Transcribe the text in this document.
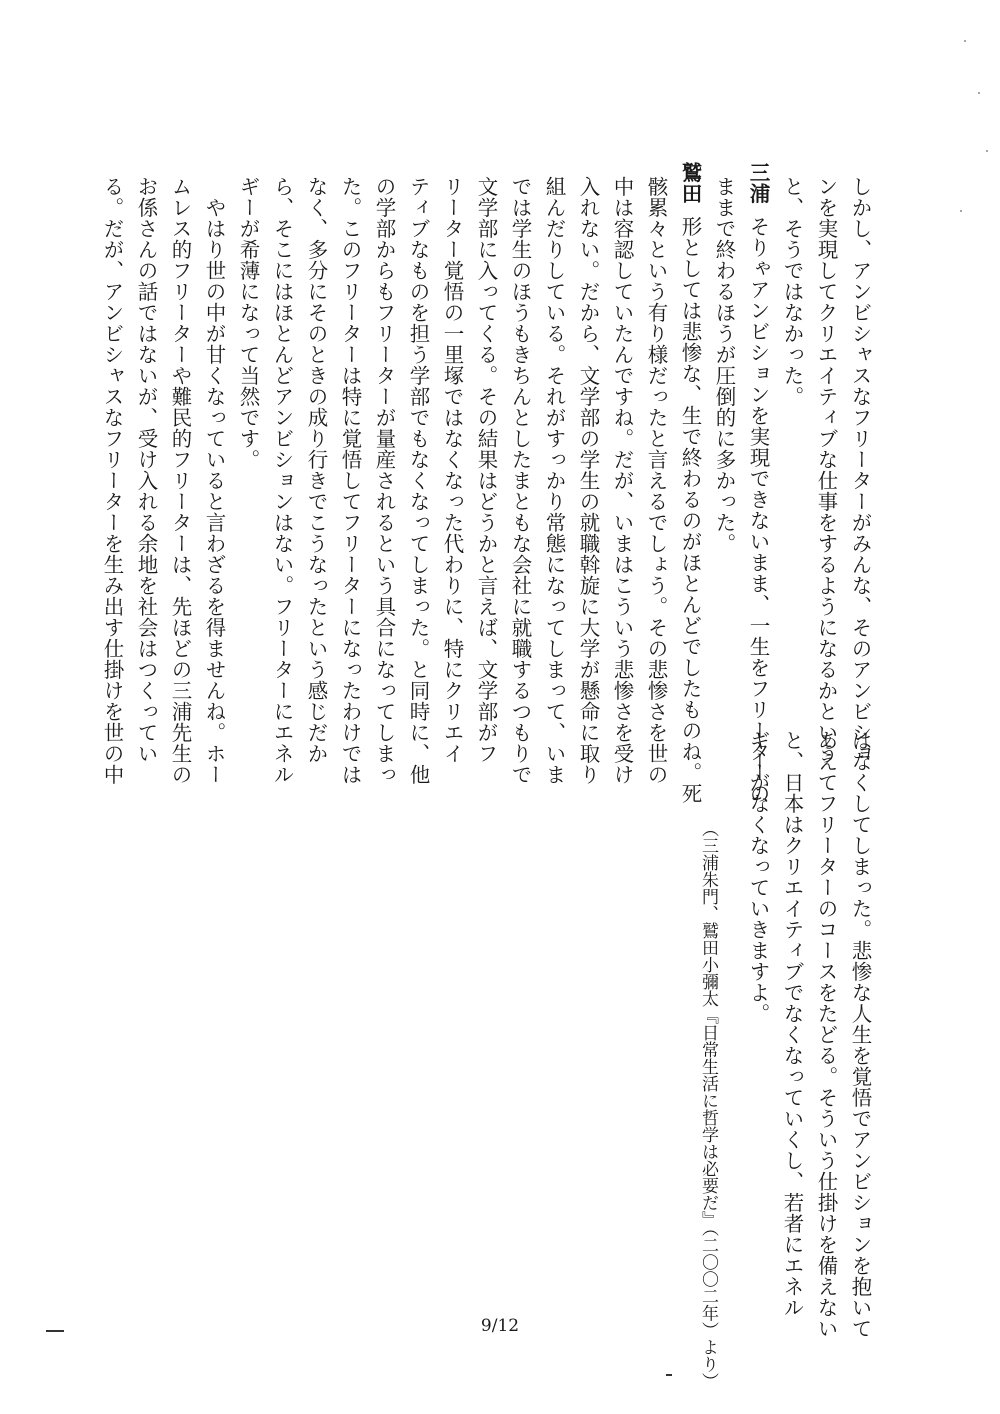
しかし、アンビシャスなフリーターがみんな、そのアンビショ
ンを実現してクリエイティブな仕事をするようになるかという
と、そうではなかった。
三浦そりゃアンビションを実現できないまま、一生をフリーターの
ままで終わるほうが圧倒的に多かった。
鷲田形としては悲惨な、生で終わるのがほとんどでしたものね。死
骸累々という有り様だったと言えるでしょう。その悲惨さを世の
中は容認していたんですね。だが、いまはこういう悲惨さを受け
入れない。だから、文学部の学生の就職斡旋に大学が懸命に取り
組んだりしている。それがすっかり常態になってしまって、いま
では学生のほうもきちんとしたまともな会社に就職するつもりで
文学部に入ってくる。その結果はどうかと言えば、文学部がフ
リーター覚悟の一里塚ではなくなった代わりに、特にクリエイ
ティブなものを担う学部でもなくなってしまった。と同時に、他
の学部からもフリーターが量産されるという具合になってしまっ
た。このフリーターは特に覚悟してフリーターになったわけでは
なく、多分にそのときの成り行きでこうなったという感じだか
ら、そこにはほとんどアンビションはない。フリーターにエネル
ギーが希薄になって当然です。
　やはり世の中が甘くなっていると言わざるを得ませんね。ホー
ムレス的フリーターや難民的フリーターは、先ほどの三浦先生の
お係さんの話ではないが、受け入れる余地を社会はつくってい
る。だが、アンビシャスなフリーターを生み出す仕掛けを世の中
はなくしてしまった。悲惨な人生を覚悟でアンビションを抱いて
あえてフリーターのコースをたどる。そういう仕掛けを備えない
と、日本はクリエイティブでなくなっていくし、若者にエネル
ギーがなくなっていきますよ。
（三浦朱門、鷲田小彌太『日常生活に哲学は必要だ』（二〇〇二年）より）
9/12
